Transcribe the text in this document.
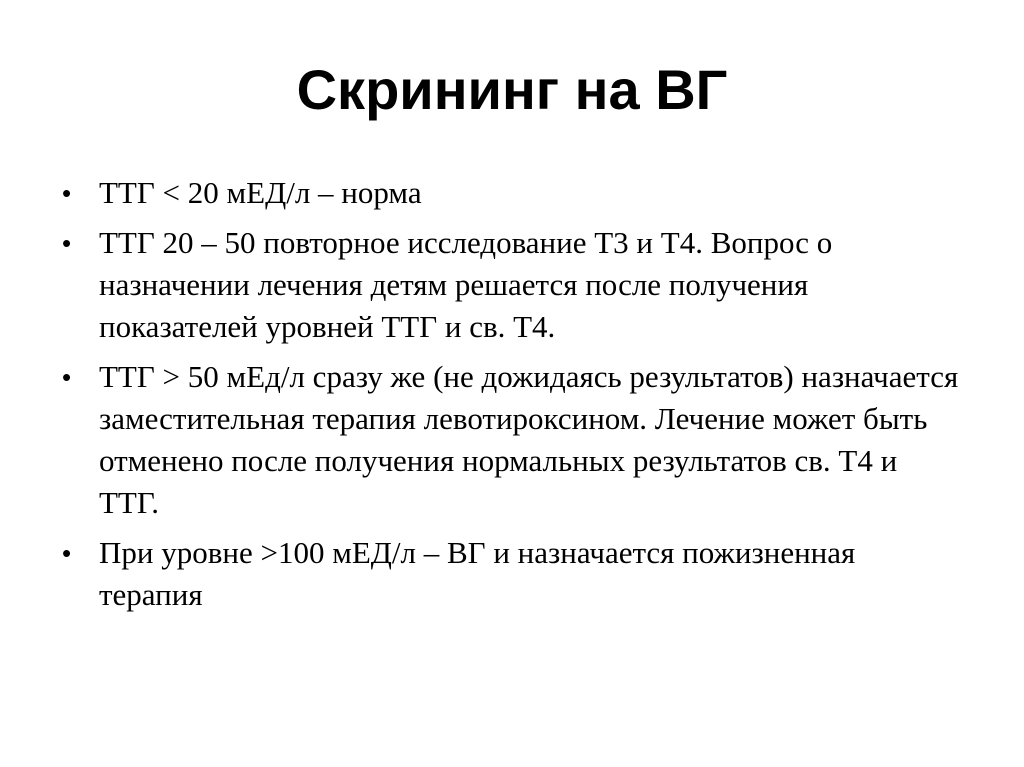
Скрининг на ВГ
• ТТГ < 20 мЕД/л – норма
• ТТГ 20 – 50 повторное исследование Т3 и Т4. Вопрос о назначении лечения детям решается после получения показателей уровней ТТГ и св. Т4.
• ТТГ > 50 мЕд/л сразу же (не дожидаясь результатов) назначается заместительная терапия левотироксином. Лечение может быть отменено после получения нормальных результатов св. Т4 и ТТГ.
• При уровне >100 мЕД/л – ВГ и назначается пожизненная терапия
